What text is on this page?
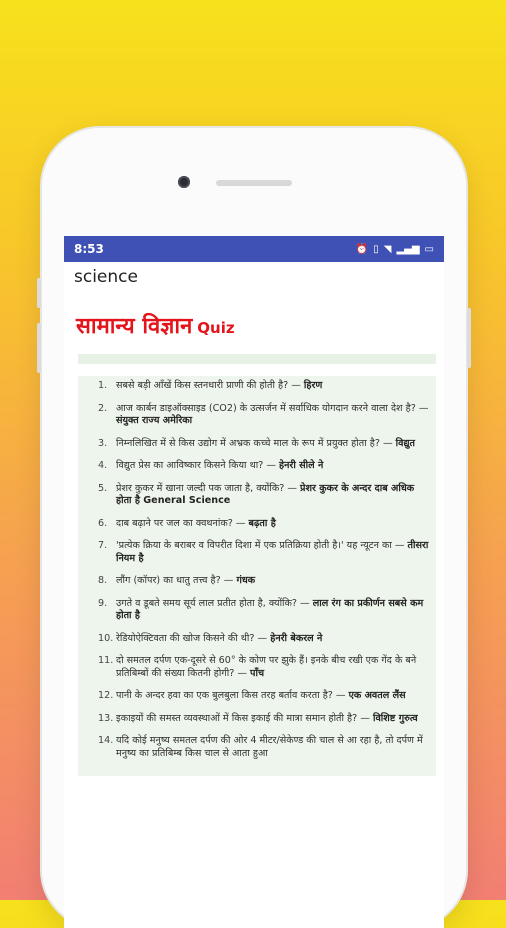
8:53	⏰ ▯ ◥ ▂▄▆ ▭
science
सामान्य विज्ञान Quiz
1. सबसे बड़ी आँखें किस स्तनधारी प्राणी की होती है? — हिरण
2. आज कार्बन डाइऑक्साइड (CO2) के उत्सर्जन में सर्वाधिक योगदान करने वाला देश है? — संयुक्त राज्य अमेरिका
3. निम्नलिखित में से किस उद्योग में अभ्रक कच्चे माल के रूप में प्रयुक्त होता है? — विद्युत
4. विद्युत प्रेस का आविष्कार किसने किया था? — हेनरी सीले ने
5. प्रेशर कुकर में खाना जल्दी पक जाता है, क्योंकि? — प्रेशर कुकर के अन्दर दाब अधिक होता है General Science
6. दाब बढ़ाने पर जल का क्वथनांक? — बढ़ता है
7. 'प्रत्येक क्रिया के बराबर व विपरीत दिशा में एक प्रतिक्रिया होती है।' यह न्यूटन का — तीसरा नियम है
8. लौंग (कॉपर) का धातु तत्त्व है? — गंधक
9. उगते व डूबते समय सूर्य लाल प्रतीत होता है, क्योंकि? — लाल रंग का प्रकीर्णन सबसे कम होता है
10. रेडियोऐक्टिवता की खोज किसने की थी? — हेनरी बेकरल ने
11. दो समतल दर्पण एक-दूसरे से 60° के कोण पर झुके हैं। इनके बीच रखी एक गेंद के बने प्रतिबिम्बों की संख्या कितनी होगी? — पाँच
12. पानी के अन्दर हवा का एक बुलबुला किस तरह बर्ताव करता है? — एक अवतल लैंस
13. इकाइयों की समस्त व्यवस्थाओं में किस इकाई की मात्रा समान होती है? — विशिष्ट गुरुत्व
14. यदि कोई मनुष्य समतल दर्पण की ओर 4 मीटर/सेकेण्ड की चाल से आ रहा है, तो दर्पण में मनुष्य का प्रतिबिम्ब किस चाल से आता हुआ
